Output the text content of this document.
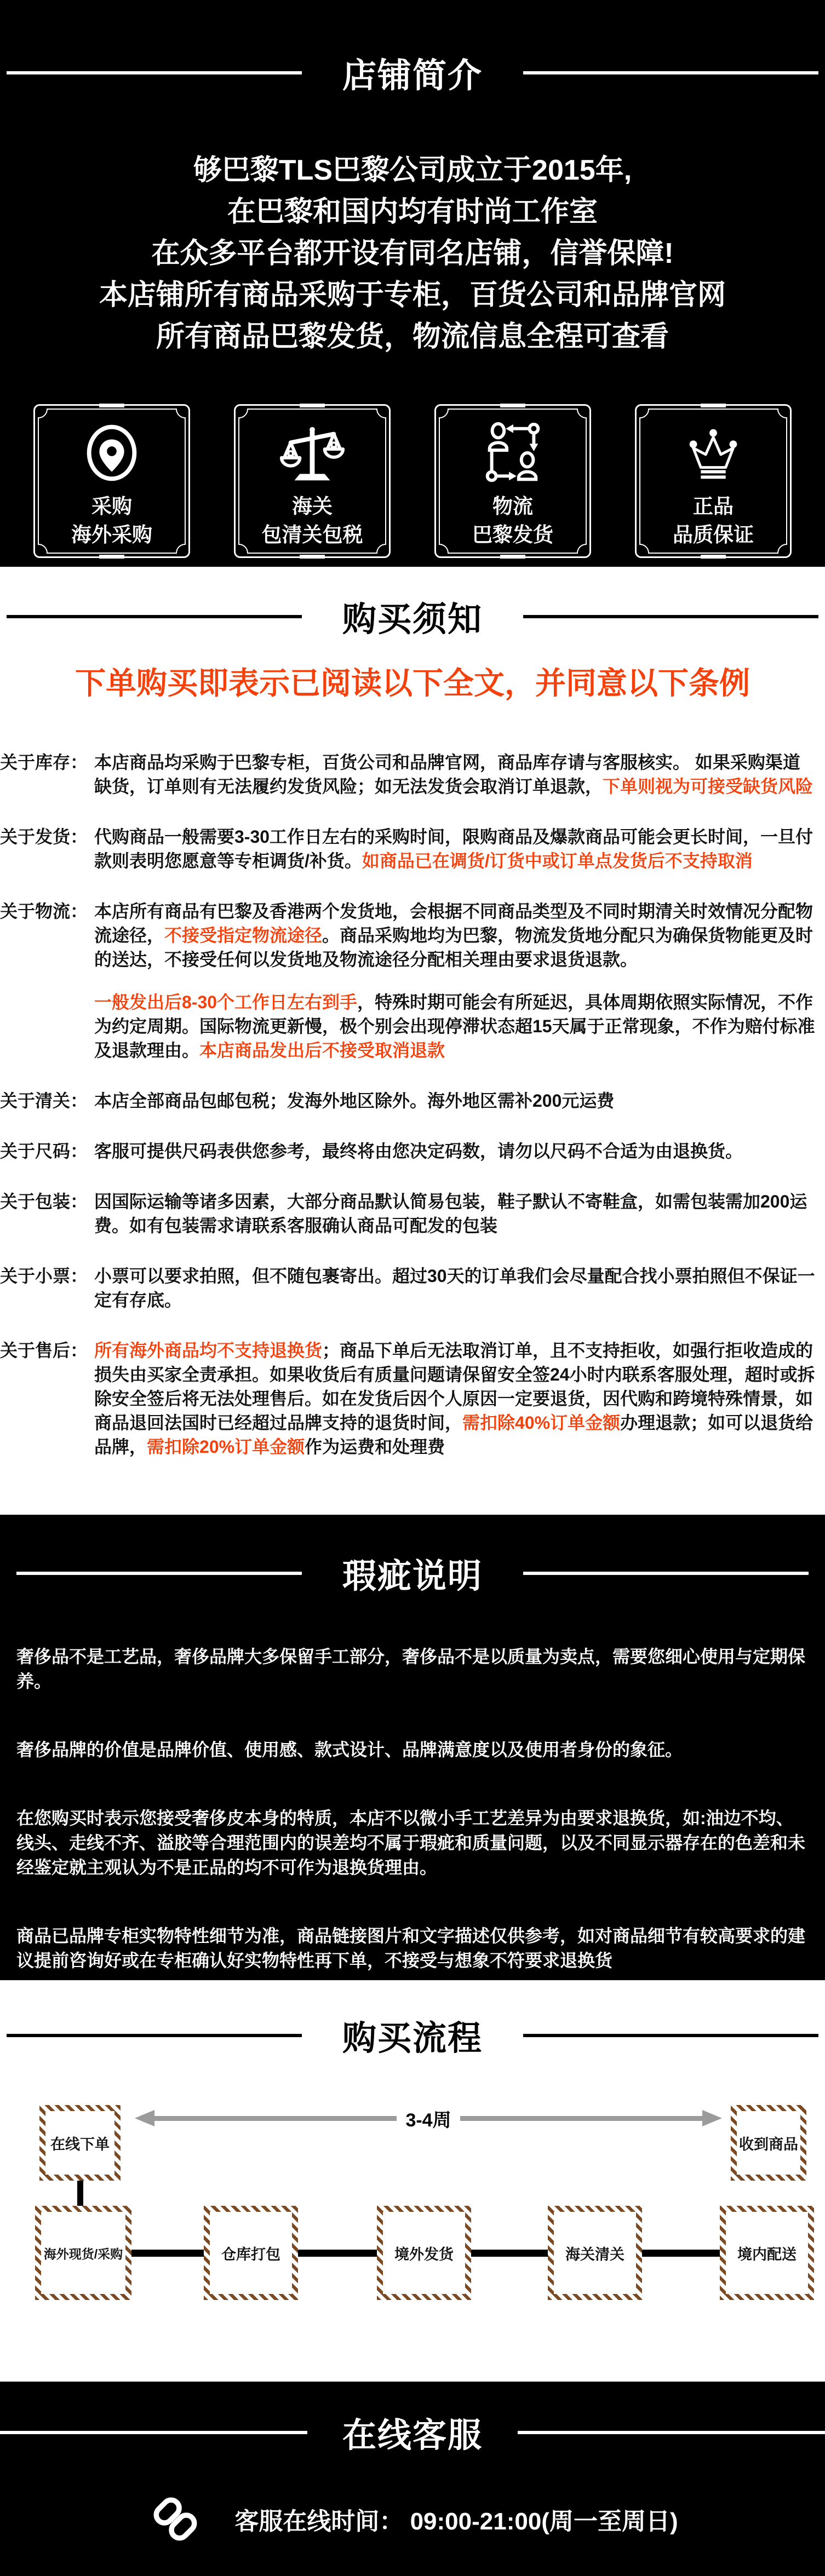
店铺简介
够巴黎TLS巴黎公司成立于2015年,
在巴黎和国内均有时尚工作室
在众多平台都开设有同名店铺，信誉保障!
本店铺所有商品采购于专柜，百货公司和品牌官网
所有商品巴黎发货，物流信息全程可查看
采购
海外采购
海关
包清关包税
物流
巴黎发货
正品
品质保证
购买须知
下单购买即表示已阅读以下全文，并同意以下条例
关于库存： 本店商品均采购于巴黎专柜，百货公司和品牌官网，商品库存请与客服核实。 如果采购渠道缺货，订单则有无法履约发货风险；如无法发货会取消订单退款，下单则视为可接受缺货风险
关于发货： 代购商品一般需要3-30工作日左右的采购时间，限购商品及爆款商品可能会更长时间，一旦付款则表明您愿意等专柜调货/补货。如商品已在调货/订货中或订单点发货后不支持取消
关于物流： 本店所有商品有巴黎及香港两个发货地，会根据不同商品类型及不同时期清关时效情况分配物流途径，不接受指定物流途径。商品采购地均为巴黎，物流发货地分配只为确保货物能更及时的送达，不接受任何以发货地及物流途径分配相关理由要求退货退款。
一般发出后8-30个工作日左右到手，特殊时期可能会有所延迟，具体周期依照实际情况，不作为约定周期。国际物流更新慢，极个别会出现停滞状态超15天属于正常现象，不作为赔付标准及退款理由。本店商品发出后不接受取消退款
关于清关： 本店全部商品包邮包税；发海外地区除外。海外地区需补200元运费
关于尺码： 客服可提供尺码表供您参考，最终将由您决定码数，请勿以尺码不合适为由退换货。
关于包装： 因国际运输等诸多因素，大部分商品默认简易包装，鞋子默认不寄鞋盒，如需包装需加200运费。如有包装需求请联系客服确认商品可配发的包装
关于小票： 小票可以要求拍照，但不随包裹寄出。超过30天的订单我们会尽量配合找小票拍照但不保证一定有存底。
关于售后： 所有海外商品均不支持退换货；商品下单后无法取消订单，且不支持拒收，如强行拒收造成的损失由买家全责承担。如果收货后有质量问题请保留安全签24小时内联系客服处理，超时或拆除安全签后将无法处理售后。如在发货后因个人原因一定要退货，因代购和跨境特殊情景，如商品退回法国时已经超过品牌支持的退货时间，需扣除40%订单金额办理退款；如可以退货给品牌，需扣除20%订单金额作为运费和处理费
瑕疵说明
奢侈品不是工艺品，奢侈品牌大多保留手工部分，奢侈品不是以质量为卖点，需要您细心使用与定期保养。
奢侈品牌的价值是品牌价值、使用感、款式设计、品牌满意度以及使用者身份的象征。
在您购买时表示您接受奢侈皮本身的特质，本店不以微小手工艺差异为由要求退换货，如:油边不均、线头、走线不齐、溢胶等合理范围内的误差均不属于瑕疵和质量问题，以及不同显示器存在的色差和未经鉴定就主观认为不是正品的均不可作为退换货理由。
商品已品牌专柜实物特性细节为准，商品链接图片和文字描述仅供参考，如对商品细节有较高要求的建议提前咨询好或在专柜确认好实物特性再下单，不接受与想象不符要求退换货
购买流程
3-4周
在线下单	收到商品
海外现货/采购	仓库打包	境外发货	海关清关	境内配送
在线客服
客服在线时间： 09:00-21:00(周一至周日)
